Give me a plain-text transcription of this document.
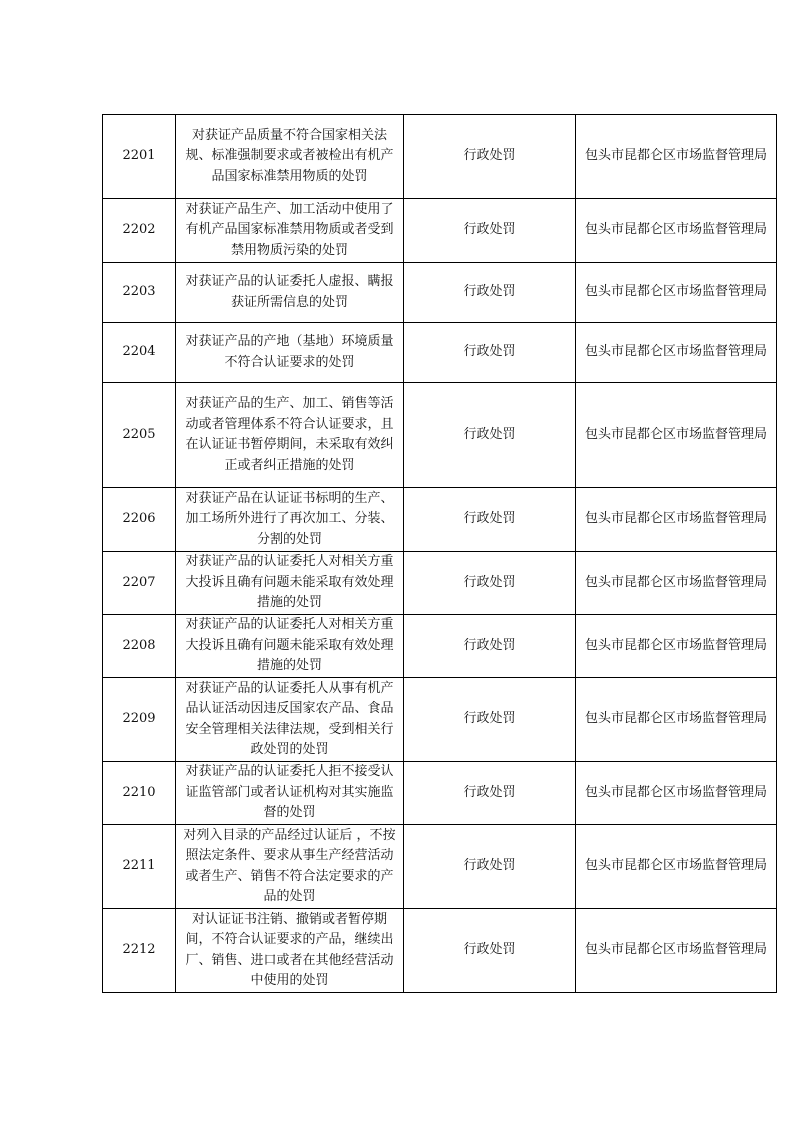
2201	对获证产品质量不符合国家相关法规、标准强制要求或者被检出有机产品国家标准禁用物质的处罚	行政处罚	包头市昆都仑区市场监督管理局
2202	对获证产品生产、加工活动中使用了有机产品国家标准禁用物质或者受到禁用物质污染的处罚	行政处罚	包头市昆都仑区市场监督管理局
2203	对获证产品的认证委托人虚报、瞒报获证所需信息的处罚	行政处罚	包头市昆都仑区市场监督管理局
2204	对获证产品的产地（基地）环境质量不符合认证要求的处罚	行政处罚	包头市昆都仑区市场监督管理局
2205	对获证产品的生产、加工、销售等活动或者管理体系不符合认证要求，且在认证证书暂停期间，未采取有效纠正或者纠正措施的处罚	行政处罚	包头市昆都仑区市场监督管理局
2206	对获证产品在认证证书标明的生产、加工场所外进行了再次加工、分装、分割的处罚	行政处罚	包头市昆都仑区市场监督管理局
2207	对获证产品的认证委托人对相关方重大投诉且确有问题未能采取有效处理措施的处罚	行政处罚	包头市昆都仑区市场监督管理局
2208	对获证产品的认证委托人对相关方重大投诉且确有问题未能采取有效处理措施的处罚	行政处罚	包头市昆都仑区市场监督管理局
2209	对获证产品的认证委托人从事有机产品认证活动因违反国家农产品、食品安全管理相关法律法规，受到相关行政处罚的处罚	行政处罚	包头市昆都仑区市场监督管理局
2210	对获证产品的认证委托人拒不接受认证监管部门或者认证机构对其实施监督的处罚	行政处罚	包头市昆都仑区市场监督管理局
2211	对列入目录的产品经过认证后 ，不按照法定条件、要求从事生产经营活动或者生产、销售不符合法定要求的产品的处罚	行政处罚	包头市昆都仑区市场监督管理局
2212	对认证证书注销、撤销或者暂停期间，不符合认证要求的产品，继续出厂、销售、进口或者在其他经营活动中使用的处罚	行政处罚	包头市昆都仑区市场监督管理局
